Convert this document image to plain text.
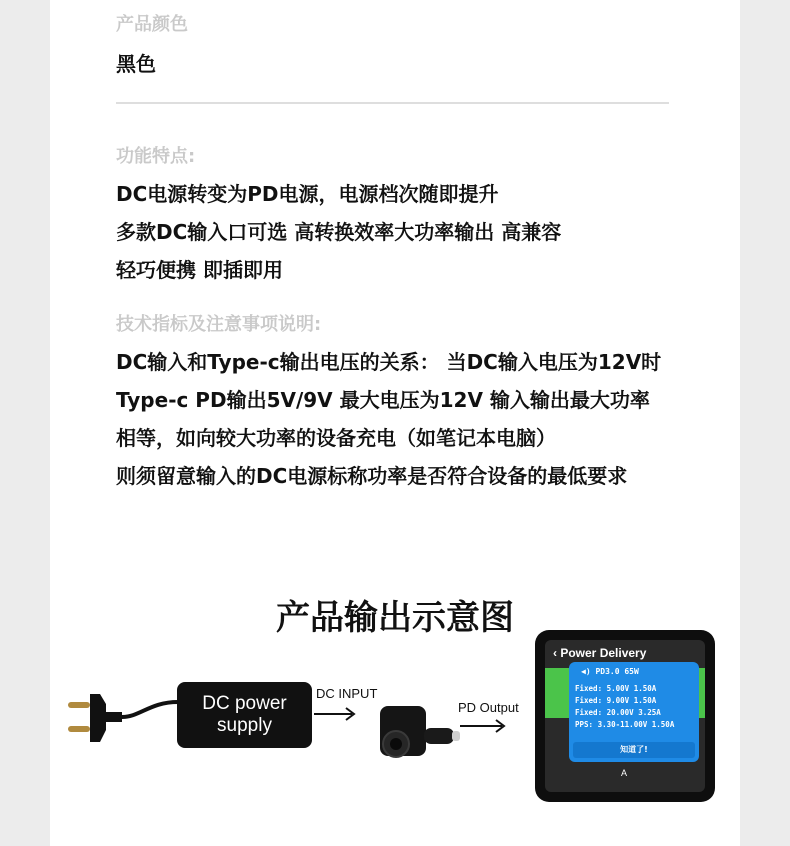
产品颜色
黑色
功能特点:
DC电源转变为PD电源，电源档次随即提升
多款DC输入口可选 高转换效率大功率输出 高兼容
轻巧便携 即插即用
技术指标及注意事项说明:
DC输入和Type-c输出电压的关系： 当DC输入电压为12V时
Type-c PD输出5V/9V 最大电压为12V 输入输出最大功率
相等，如向较大功率的设备充电（如笔记本电脑）
则须留意输入的DC电源标称功率是否符合设备的最低要求
产品输出示意图
DC power
supply
DC INPUT
PD Output
‹ Power Delivery
◀) PD3.0 65W
Fixed: 5.00V 1.50A
Fixed: 9.00V 1.50A
Fixed: 20.00V 3.25A
PPS: 3.30-11.00V 1.50A
知道了!
A
